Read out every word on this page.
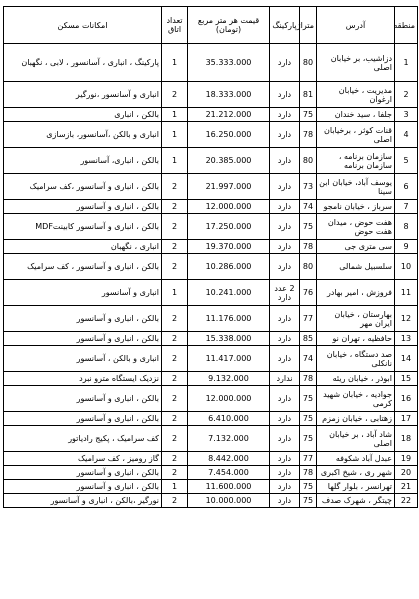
منطقه	آدرس	متراژ	پارکینگ	قیمت هر متر مربع (تومان)	تعداد اتاق	امکانات مسکن
1	دزاشیب، بر خیابان اصلی	80	دارد	35.333.000	1	پارکینگ ، انباری ، آسانسور ، لابی ، نگهبان
2	مدیریت ، خیابان ارغوان	81	دارد	18.333.000	2	انباری و آسانسور ،نورگیر
3	جلفا ، سید خندان	75	دارد	21.212.000	1	بالکن ، انباری
4	قنات کوثر ، برخیابان اصلی	78	دارد	16.250.000	1	انباری و بالکن ،آسانسور، بازسازی
5	سازمان برنامه ، سازمان برنامه	80	دارد	20.385.000	1	بالکن ، انباری، آسانسور
6	یوسف آباد، خیابان ابن سینا	73	دارد	21.997.000	2	بالکن ، انباری و آسانسور ،کف سرامیک
7	سرباز ، خیابان نامجو	74	دارد	12.000.000	2	بالکن ، انباری و آسانسور
8	هفت حوض ، میدان هفت حوض	75	دارد	17.250.000	2	بالکن ، انباری و آسانسور کابینتMDF
9	سی متری جی	78	دارد	19.370.000	2	انباری ، نگهبان
10	سلسبیل شمالی	80	دارد	10.286.000	2	بالکن ، انباری و آسانسور ، کف سرامیک
11	فروزش ، امیر بهادر	76	2 عدد دارد	10.241.000	1	انباری و آسانسور
12	بهارستان ، خیابان ایران مهر	77	دارد	11.176.000	2	بالکن ، انباری و آسانسور
13	حافظیه ، تهران نو	85	دارد	15.338.000	2	بالکن ، انباری و آسانسور
14	صد دستگاه ، خیابان نانکلی	74	دارد	11.417.000	2	انباری و بالکن ، آسانسور
15	ابوذر ، خیابان ریئه	78	ندارد	9.132.000	2	نزدیک ایستگاه مترو نبرد
16	جوادیه ، خیابان شهید کرمی	75	دارد	12.000.000	2	بالکن ، انباری و آسانسور
17	زهتابی ، خیابان زمزم	75	دارد	6.410.000	2	بالکن ، انباری و آسانسور
18	شاد آباد ، بر خیابان اصلی	75	دارد	7.132.000	2	کف سرامیک ، پکیج رادیاتور
19	عبدل آباد شکوفه	77	دارد	8.442.000	2	گاز رومیز ، کف سرامیک
20	شهر ری ، شیخ اکبری	78	دارد	7.454.000	2	بالکن ، انباری و آسانسور
21	تهرانسر ، بلوار گلها	75	دارد	11.600.000	1	بالکن ، انباری و آسانسور
22	چیتگر ، شهرک صدف	75	دارد	10.000.000	2	نورگیر ،بالکن ، انباری و آسانسور
